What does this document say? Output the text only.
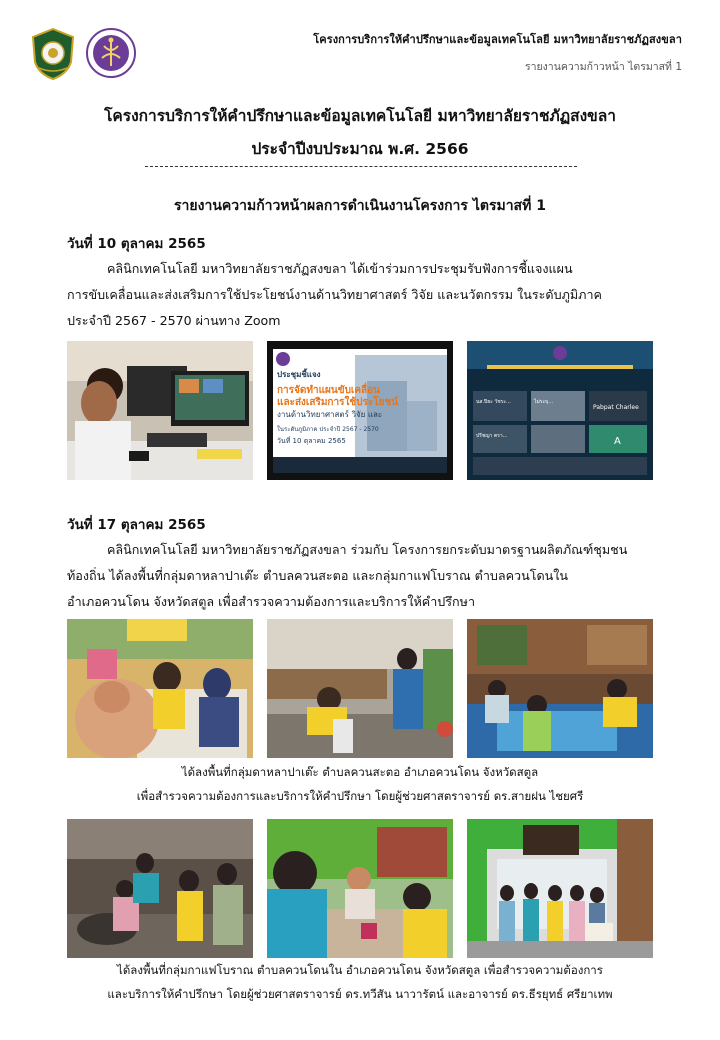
โครงการบริการให้คำปรึกษาและข้อมูลเทคโนโลยี มหาวิทยาลัยราชภัฏสงขลา
รายงานความก้าวหน้า ไตรมาสที่ 1
โครงการบริการให้คำปรึกษาและข้อมูลเทคโนโลยี มหาวิทยาลัยราชภัฏสงขลา
ประจำปีงบประมาณ พ.ศ. 2566
รายงานความก้าวหน้าผลการดำเนินงานโครงการ ไตรมาสที่ 1
วันที่ 10 ตุลาคม 2565
คลินิกเทคโนโลยี มหาวิทยาลัยราชภัฏสงขลา ได้เข้าร่วมการประชุมรับฟังการชี้แจงแผน
การขับเคลื่อนและส่งเสริมการใช้ประโยชน์งานด้านวิทยาศาสตร์ วิจัย และนวัตกรรม ในระดับภูมิภาค
ประจำปี 2567 - 2570 ผ่านทาง Zoom
ประชุมชี้แจง
การจัดทำแผนขับเคลื่อน
และส่งเสริมการใช้ประโยชน์
งานด้านวิทยาศาสตร์ วิจัย และ
ในระดับภูมิภาค ประจำปี 2567 - 2570
วันที่ 10 ตุลาคม 2565
นส.ปิยะ วัชระ...	ไม่ระบุ...
Pabpat Charlee
ปรีชญา ตรา...	A
วันที่ 17 ตุลาคม 2565
คลินิกเทคโนโลยี มหาวิทยาลัยราชภัฏสงขลา ร่วมกับ โครงการยกระดับมาตรฐานผลิตภัณฑ์ชุมชน
ท้องถิ่น ได้ลงพื้นที่กลุ่มดาหลาปาเต๊ะ ตำบลควนสะตอ และกลุ่มกาแฟโบราณ ตำบลควนโดนใน
อำเภอควนโดน จังหวัดสตูล เพื่อสำรวจความต้องการและบริการให้คำปรึกษา
ได้ลงพื้นที่กลุ่มดาหลาปาเต๊ะ ตำบลควนสะตอ อำเภอควนโดน จังหวัดสตูล
เพื่อสำรวจความต้องการและบริการให้คำปรึกษา โดยผู้ช่วยศาสตราจารย์ ดร.สายฝน ไชยศรี
ได้ลงพื้นที่กลุ่มกาแฟโบราณ ตำบลควนโดนใน อำเภอควนโดน จังหวัดสตูล เพื่อสำรวจความต้องการ
และบริการให้คำปรึกษา โดยผู้ช่วยศาสตราจารย์ ดร.ทวีสัน นาวารัตน์ และอาจารย์ ดร.ธีรยุทธ์ ศรียาเทพ
